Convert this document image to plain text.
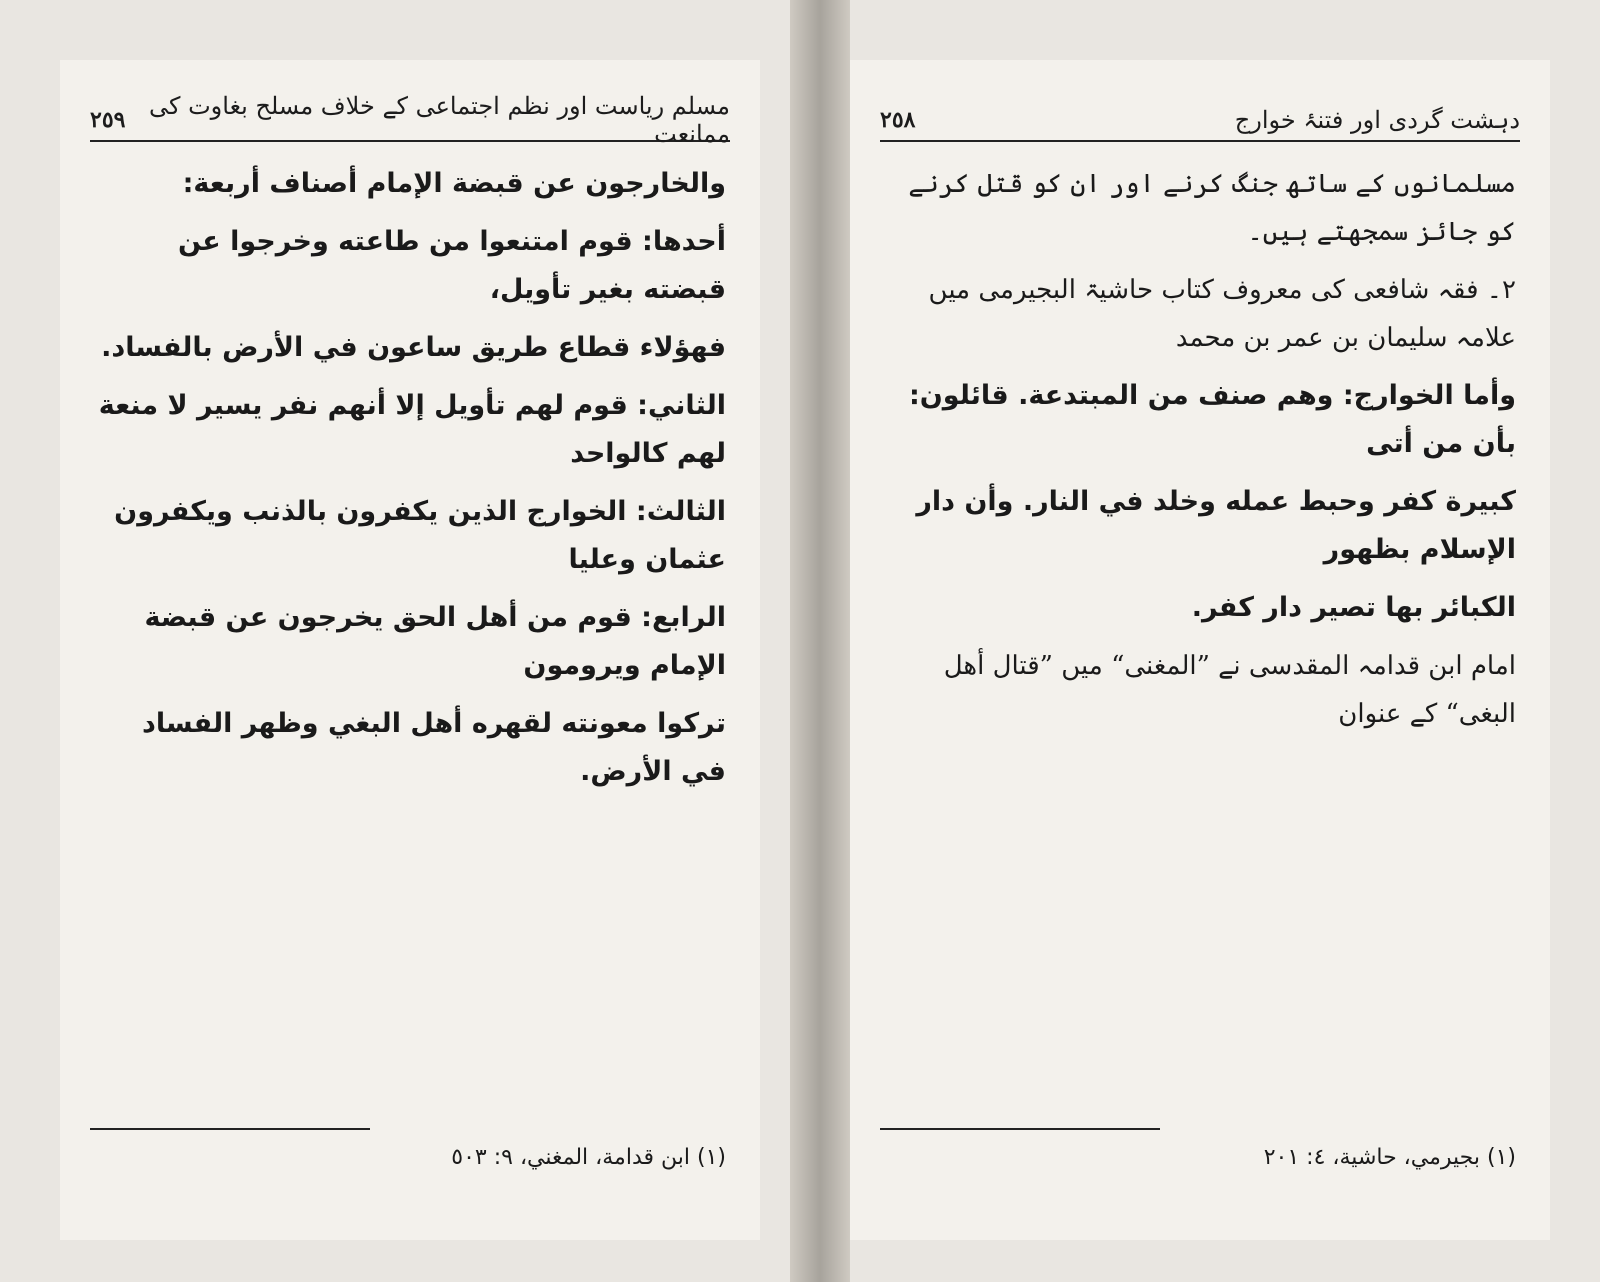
مسلم ریاست اور نظم اجتماعی کے خلاف مسلح بغاوت کی ممانعت
٢٥٩

والخارجون عن قبضة الإمام أصناف أربعة:

أحدها: قوم امتنعوا من طاعته وخرجوا عن قبضته بغير تأويل،

فهؤلاء قطاع طريق ساعون في الأرض بالفساد.

الثاني: قوم لهم تأويل إلا أنهم نفر يسير لا منعة لهم كالواحد

الثالث: الخوارج الذين يكفرون بالذنب ويكفرون عثمان وعليا

الرابع: قوم من أهل الحق يخرجون عن قبضة الإمام ويرومون

تركوا معونته لقهره أهل البغي وظهر الفساد في الأرض.

(١) ابن قدامة، المغني، ٩: ٥٠٣
دہشت گردی اور فتنۂ خوارج
٢٥٨

مسلمانوں کے ساتھ جنگ کرنے اور ان کو قتل کرنے کو جائز سمجھتے ہیں۔

٢۔ فقہ شافعی کی معروف کتاب حاشیۃ البجیرمی میں علامہ سلیمان بن عمر بن محمد

وأما الخوارج: وهم صنف من المبتدعة. قائلون: بأن من أتى

كبيرة كفر وحبط عمله وخلد في النار. وأن دار الإسلام بظهور

الكبائر بها تصير دار كفر.

امام ابن قدامہ المقدسی نے ”المغنی“ میں ”قتال أهل البغی“ کے عنوان

(١) بجيرمي، حاشية، ٤: ٢٠١
